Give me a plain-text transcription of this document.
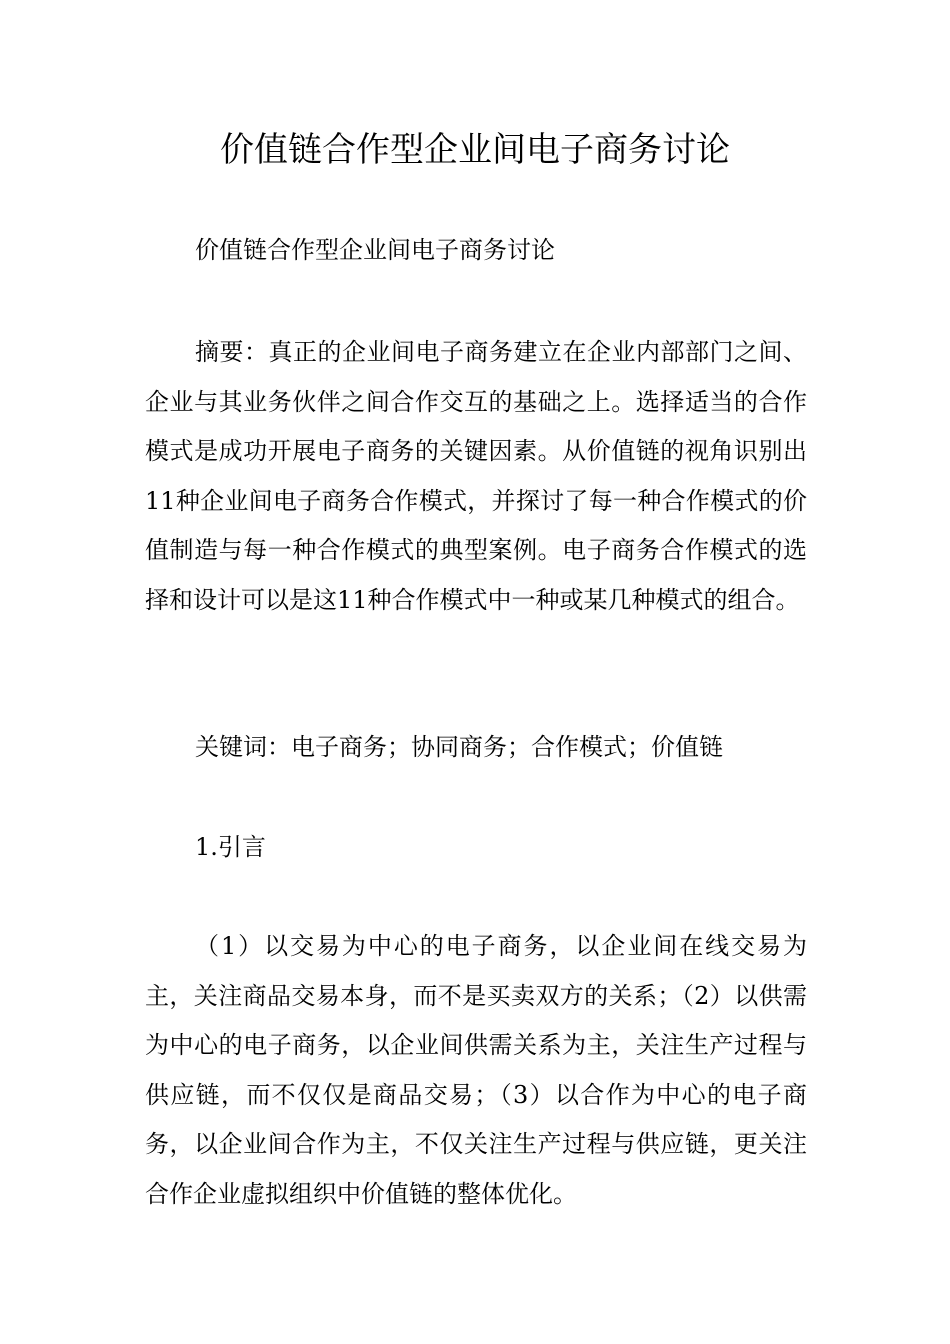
价值链合作型企业间电子商务讨论

价值链合作型企业间电子商务讨论

摘要：真正的企业间电子商务建立在企业内部部门之间、企业与其业务伙伴之间合作交互的基础之上。选择适当的合作模式是成功开展电子商务的关键因素。从价值链的视角识别出11种企业间电子商务合作模式，并探讨了每一种合作模式的价值制造与每一种合作模式的典型案例。电子商务合作模式的选择和设计可以是这11种合作模式中一种或某几种模式的组合。

关键词：电子商务；协同商务；合作模式；价值链

1.引言

（1）以交易为中心的电子商务，以企业间在线交易为主，关注商品交易本身，而不是买卖双方的关系；（2）以供需为中心的电子商务，以企业间供需关系为主，关注生产过程与供应链，而不仅仅是商品交易；（3）以合作为中心的电子商务，以企业间合作为主，不仅关注生产过程与供应链，更关注合作企业虚拟组织中价值链的整体优化。
